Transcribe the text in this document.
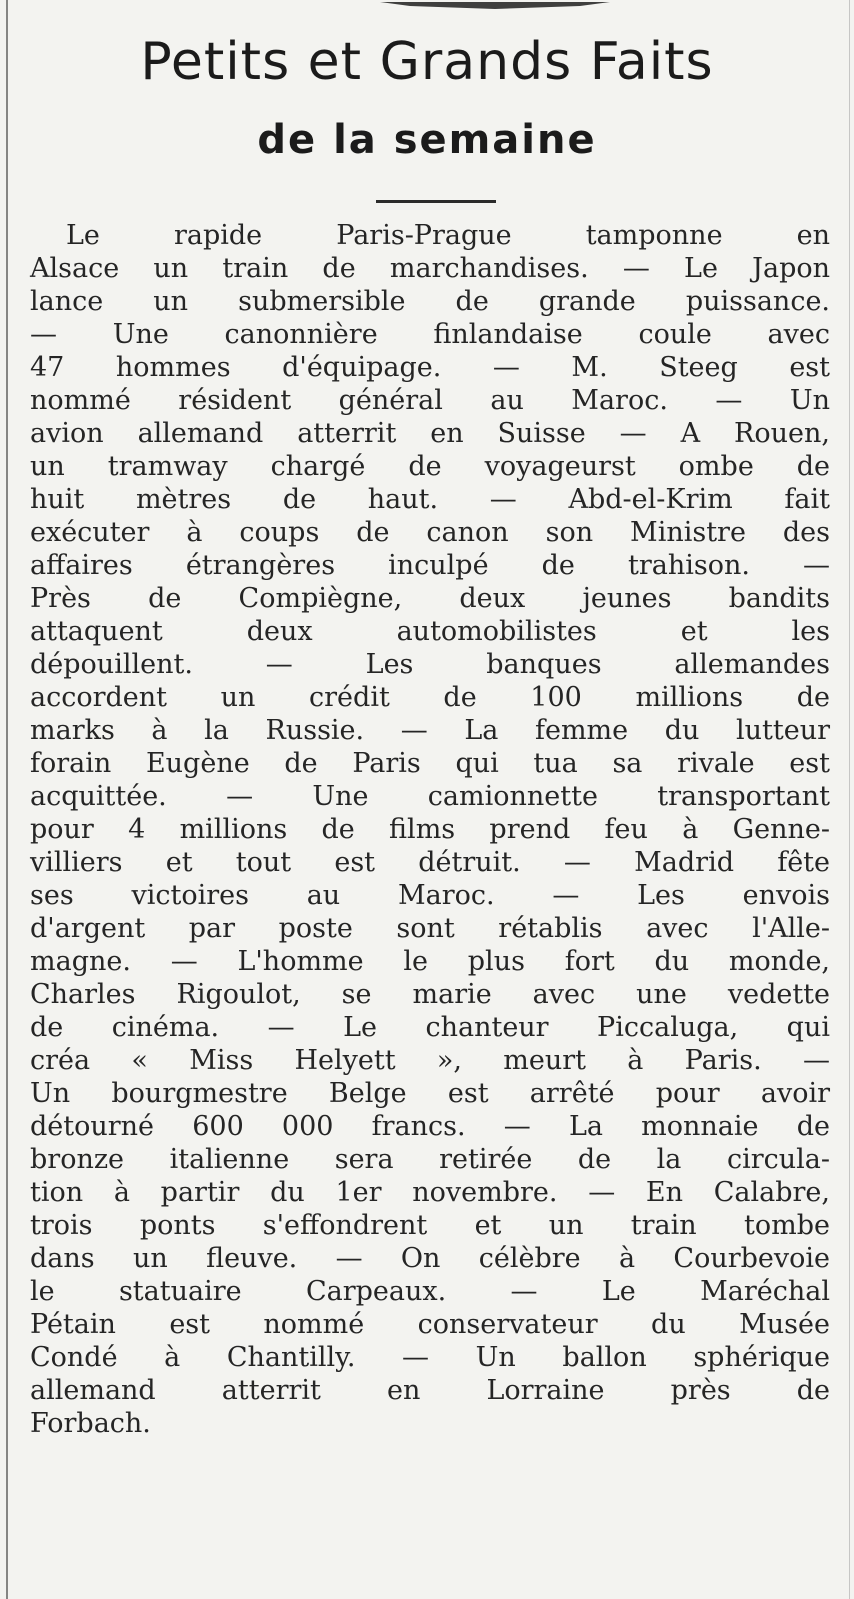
Petits et Grands Faits
de la semaine
Le rapide Paris-Prague tamponne en
Alsace un train de marchandises. — Le Japon
lance un submersible de grande puissance.
— Une canonnière finlandaise coule avec
47 hommes d'équipage. — M. Steeg est
nommé résident général au Maroc. — Un
avion allemand atterrit en Suisse — A Rouen,
un tramway chargé de voyageurst ombe de
huit mètres de haut. — Abd-el-Krim fait
exécuter à coups de canon son Ministre des
affaires étrangères inculpé de trahison. —
Près de Compiègne, deux jeunes bandits
attaquent deux automobilistes et les
dépouillent. — Les banques allemandes
accordent un crédit de 100 millions de
marks à la Russie. — La femme du lutteur
forain Eugène de Paris qui tua sa rivale est
acquittée. — Une camionnette transportant
pour 4 millions de films prend feu à Genne-
villiers et tout est détruit. — Madrid fête
ses victoires au Maroc. — Les envois
d'argent par poste sont rétablis avec l'Alle-
magne. — L'homme le plus fort du monde,
Charles Rigoulot, se marie avec une vedette
de cinéma. — Le chanteur Piccaluga, qui
créa « Miss Helyett », meurt à Paris. —
Un bourgmestre Belge est arrêté pour avoir
détourné 600 000 francs. — La monnaie de
bronze italienne sera retirée de la circula-
tion à partir du 1er novembre. — En Calabre,
trois ponts s'effondrent et un train tombe
dans un fleuve. — On célèbre à Courbevoie
le statuaire Carpeaux. — Le Maréchal
Pétain est nommé conservateur du Musée
Condé à Chantilly. — Un ballon sphérique
allemand atterrit en Lorraine près de
Forbach.
